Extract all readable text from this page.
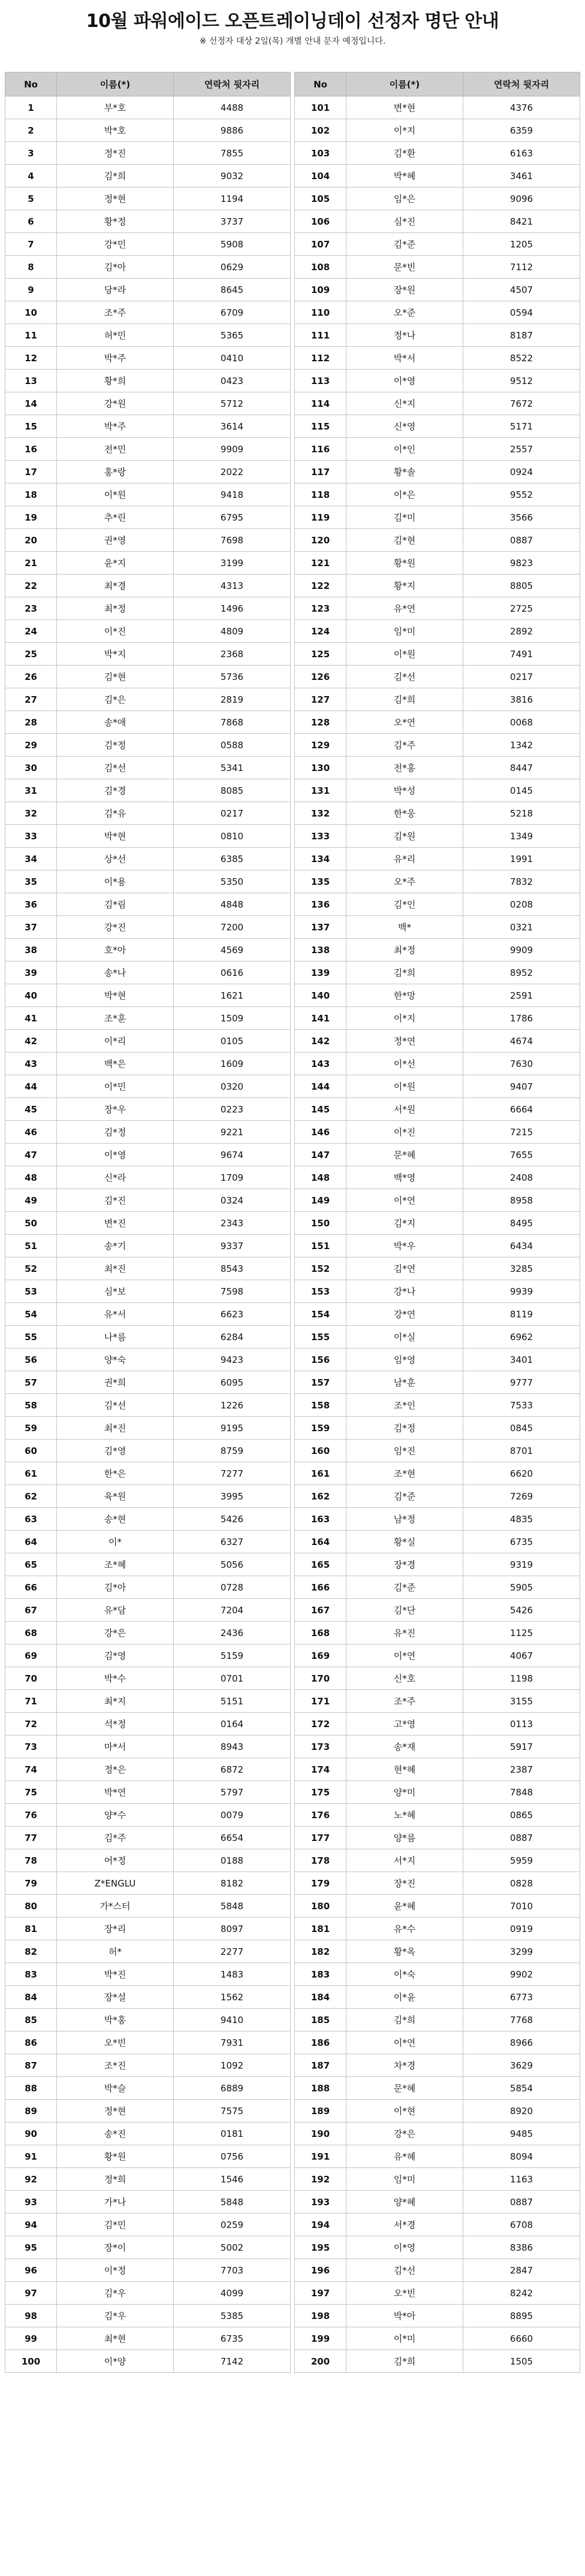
10월 파워에이드 오픈트레이닝데이 선정자 명단 안내
※ 선정자 대상 2일(목) 개별 안내 문자 예정입니다.
No	이름(*)	연락처 뒷자리
1	부*호	4488
2	박*호	9886
3	정*진	7855
4	김*희	9032
5	정*현	1194
6	황*정	3737
7	강*민	5908
8	김*아	0629
9	당*라	8645
10	조*주	6709
11	허*민	5365
12	박*주	0410
13	황*희	0423
14	강*원	5712
15	박*주	3614
16	전*민	9909
17	홍*랑	2022
18	이*원	9418
19	추*린	6795
20	권*영	7698
21	윤*지	3199
22	최*경	4313
23	최*정	1496
24	이*진	4809
25	박*지	2368
26	김*현	5736
27	김*은	2819
28	송*애	7868
29	김*정	0588
30	김*선	5341
31	김*경	8085
32	김*유	0217
33	박*현	0810
34	상*선	6385
35	이*용	5350
36	김*림	4848
37	강*진	7200
38	호*아	4569
39	송*나	0616
40	박*현	1621
41	조*훈	1509
42	이*리	0105
43	백*은	1609
44	이*민	0320
45	장*우	0223
46	김*정	9221
47	이*영	9674
48	신*라	1709
49	김*진	0324
50	변*진	2343
51	송*기	9337
52	최*진	8543
53	심*보	7598
54	유*서	6623
55	나*름	6284
56	양*숙	9423
57	권*희	6095
58	김*선	1226
59	최*진	9195
60	김*영	8759
61	한*은	7277
62	육*원	3995
63	송*현	5426
64	이*	6327
65	조*혜	5056
66	김*아	0728
67	유*담	7204
68	강*은	2436
69	김*영	5159
70	박*수	0701
71	최*지	5151
72	석*정	0164
73	마*서	8943
74	정*은	6872
75	박*연	5797
76	양*수	0079
77	김*주	6654
78	어*정	0188
79	Z*ENGLU	8182
80	가*스터	5848
81	장*리	8097
82	허*	2277
83	박*진	1483
84	장*설	1562
85	박*홍	9410
86	오*빈	7931
87	조*진	1092
88	박*슬	6889
89	정*현	7575
90	송*진	0181
91	황*원	0756
92	정*희	1546
93	가*나	5848
94	김*민	0259
95	장*이	5002
96	이*정	7703
97	김*우	4099
98	김*우	5385
99	최*현	6735
100	이*양	7142
No	이름(*)	연락처 뒷자리
101	변*현	4376
102	이*지	6359
103	김*환	6163
104	박*혜	3461
105	임*은	9096
106	심*진	8421
107	김*준	1205
108	문*빈	7112
109	장*원	4507
110	오*준	0594
111	정*나	8187
112	박*서	8522
113	이*영	9512
114	신*지	7672
115	신*영	5171
116	이*인	2557
117	황*솔	0924
118	이*은	9552
119	김*미	3566
120	김*현	0887
121	황*원	9823
122	황*지	8805
123	유*연	2725
124	임*미	2892
125	이*원	7491
126	김*선	0217
127	김*희	3816
128	오*연	0068
129	김*주	1342
130	전*홍	8447
131	박*성	0145
132	한*웅	5218
133	김*원	1349
134	유*리	1991
135	오*주	7832
136	김*인	0208
137	백*	0321
138	최*정	9909
139	김*희	8952
140	한*망	2591
141	이*지	1786
142	정*연	4674
143	이*선	7630
144	이*원	9407
145	서*원	6664
146	이*진	7215
147	문*혜	7655
148	백*영	2408
149	이*연	8958
150	김*지	8495
151	박*우	6434
152	김*연	3285
153	강*나	9939
154	강*연	8119
155	이*실	6962
156	임*영	3401
157	남*훈	9777
158	조*인	7533
159	김*정	0845
160	임*진	8701
161	조*현	6620
162	김*준	7269
163	남*정	4835
164	황*실	6735
165	장*경	9319
166	김*준	5905
167	김*단	5426
168	유*진	1125
169	이*연	4067
170	신*호	1198
171	조*주	3155
172	고*영	0113
173	송*재	5917
174	현*혜	2387
175	양*미	7848
176	노*혜	0865
177	양*름	0887
178	서*지	5959
179	장*진	0828
180	윤*혜	7010
181	유*수	0919
182	황*옥	3299
183	이*숙	9902
184	이*윤	6773
185	김*희	7768
186	이*연	8966
187	차*경	3629
188	문*혜	5854
189	이*현	8920
190	강*은	9485
191	유*혜	8094
192	임*미	1163
193	양*혜	0887
194	서*경	6708
195	이*영	8386
196	김*선	2847
197	오*빈	8242
198	박*아	8895
199	이*미	6660
200	김*희	1505
